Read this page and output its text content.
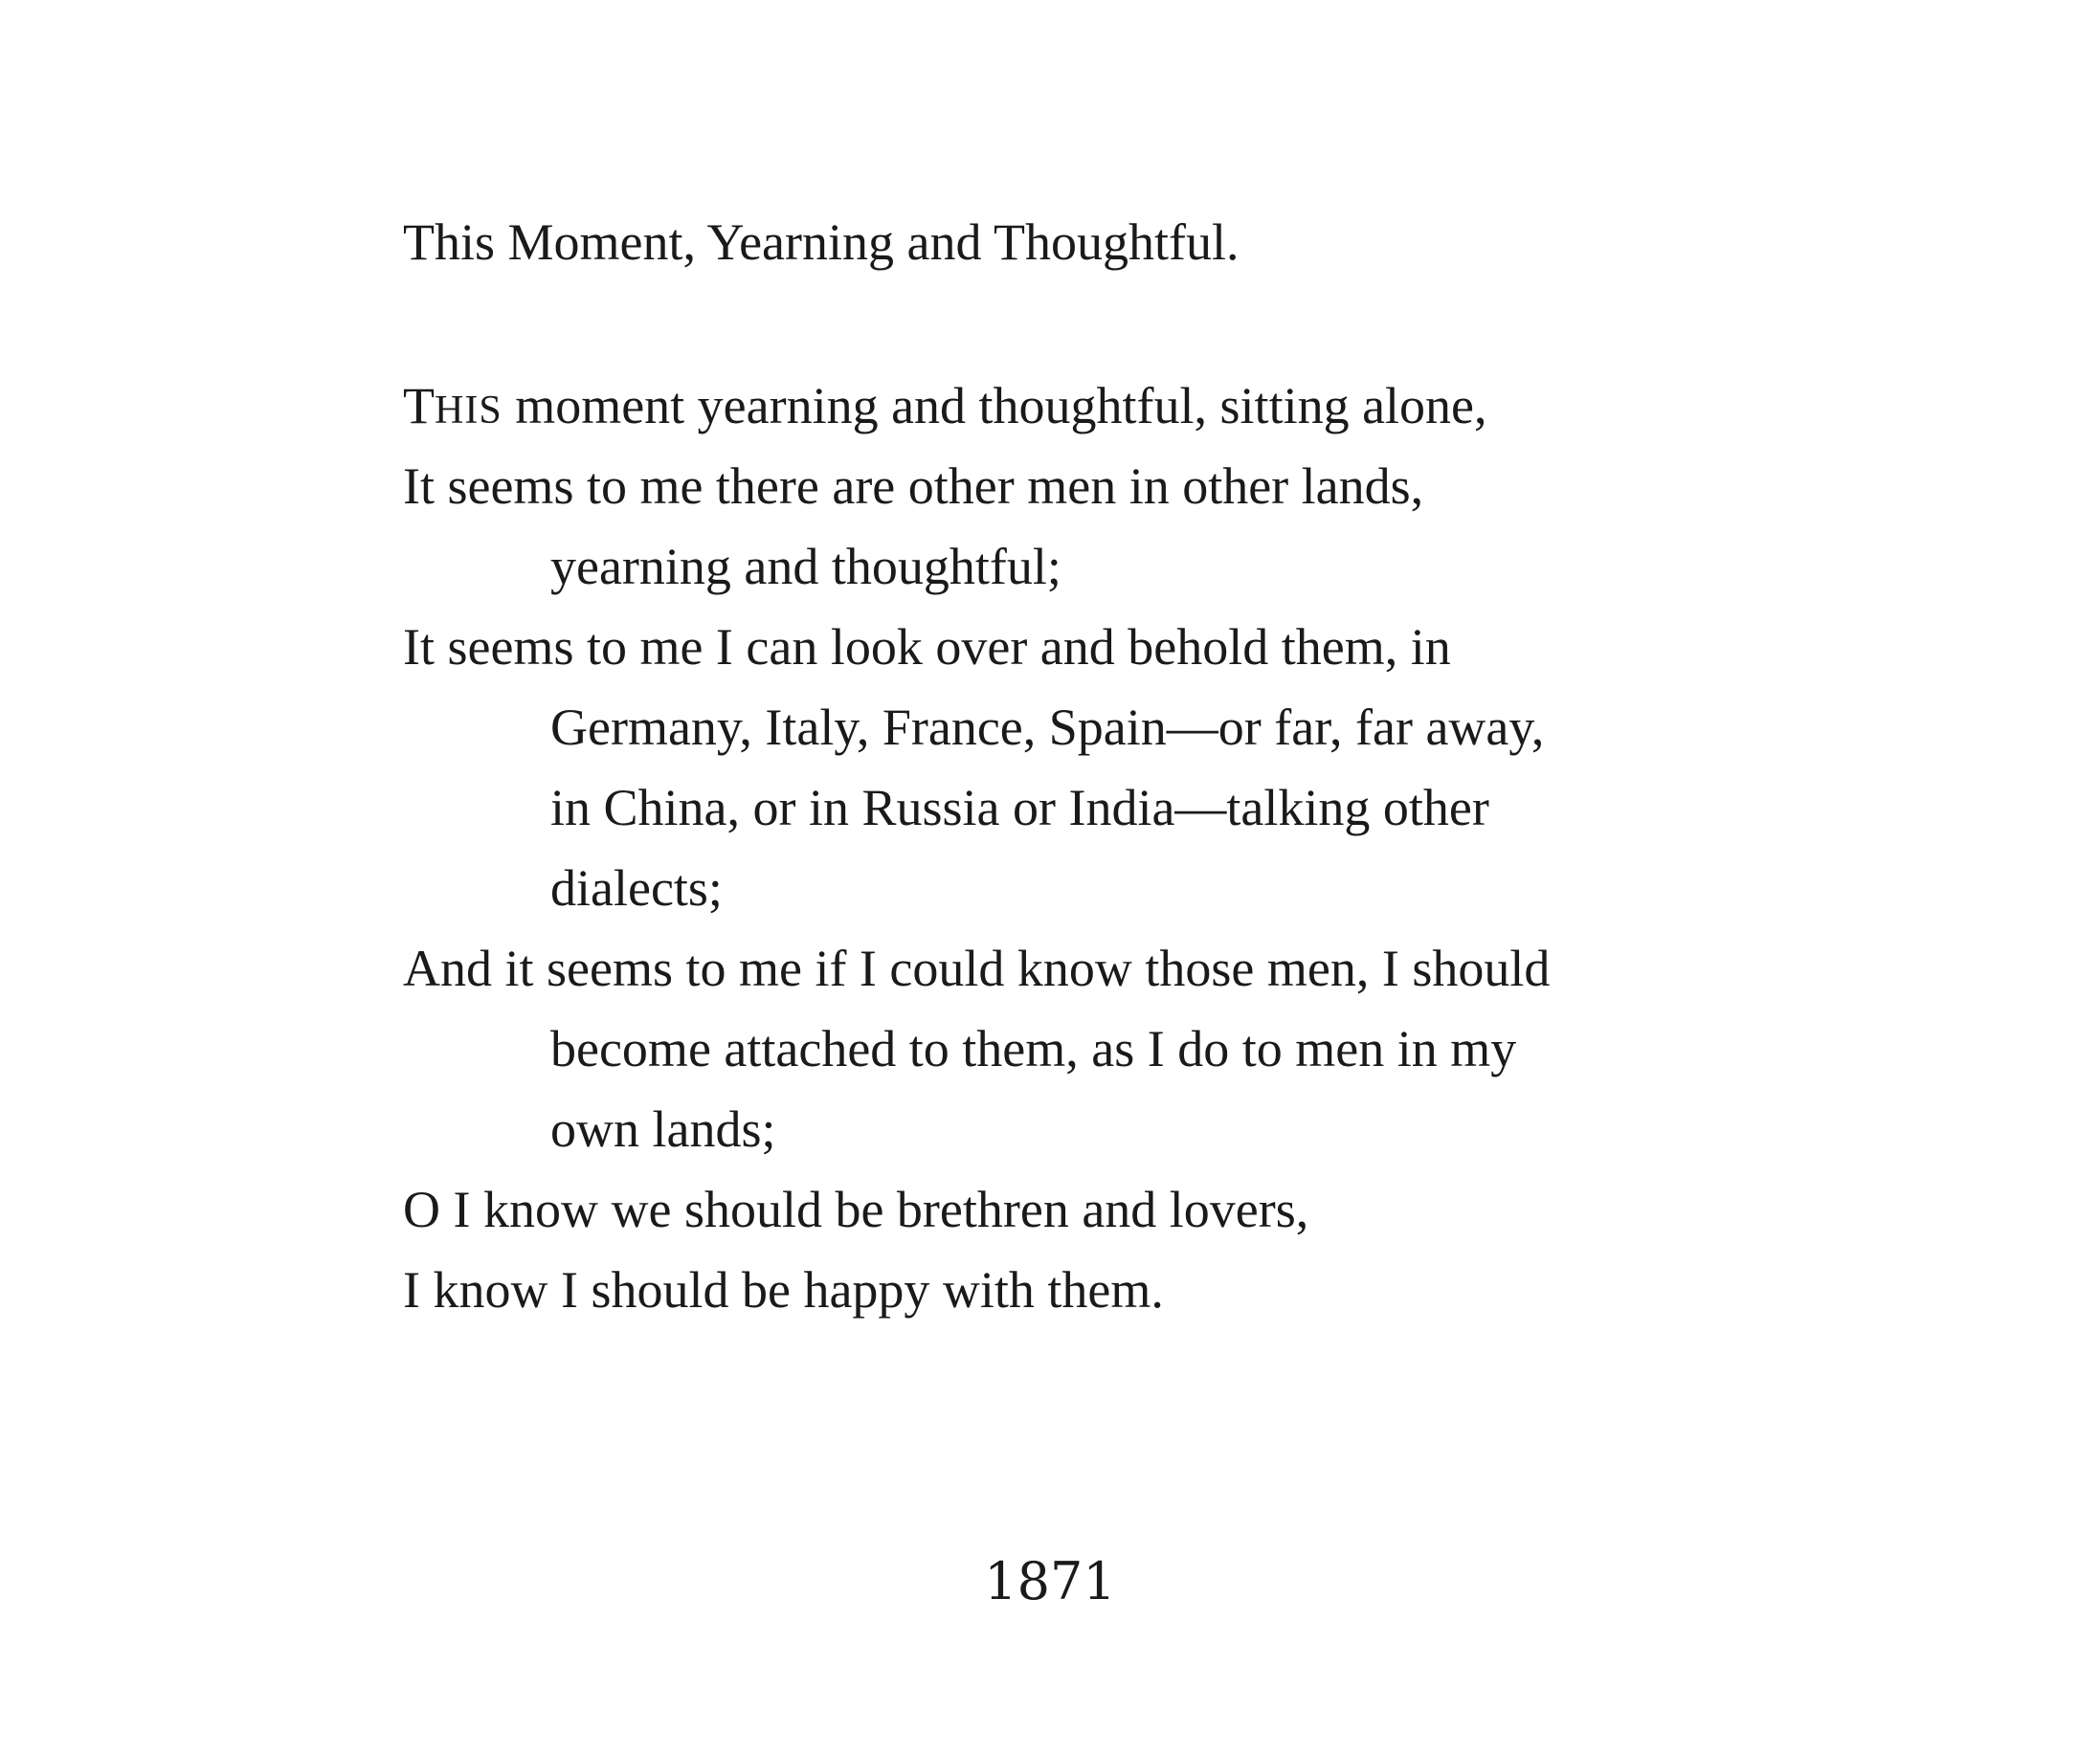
This Moment, Yearning and Thoughtful.
THIS moment yearning and thoughtful, sitting alone,
It seems to me there are other men in other lands,
yearning and thoughtful;
It seems to me I can look over and behold them, in
Germany, Italy, France, Spain—or far, far away,
in China, or in Russia or India—talking other
dialects;
And it seems to me if I could know those men, I should
become attached to them, as I do to men in my
own lands;
O I know we should be brethren and lovers,
I know I should be happy with them.
1871
